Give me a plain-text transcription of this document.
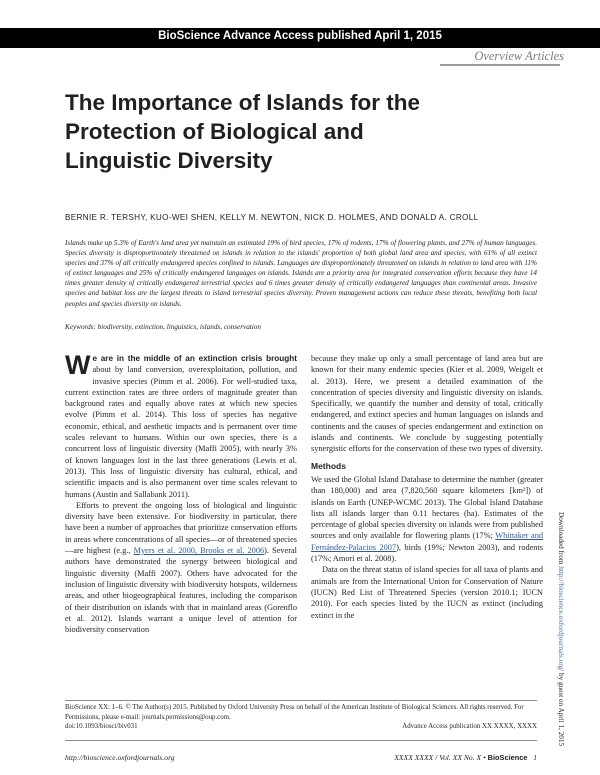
BioScience Advance Access published April 1, 2015
Overview Articles
The Importance of Islands for the Protection of Biological and Linguistic Diversity
BERNIE R. TERSHY, KUO-WEI SHEN, KELLY M. NEWTON, NICK D. HOLMES, AND DONALD A. CROLL
Islands make up 5.3% of Earth's land area yet maintain an estimated 19% of bird species, 17% of rodents, 17% of flowering plants, and 27% of human languages. Species diversity is disproportionately threatened on islands in relation to the islands' proportion of both global land area and species, with 61% of all extinct species and 37% of all critically endangered species confined to islands. Languages are disproportionately threatened on islands in relation to land area with 11% of extinct languages and 25% of critically endangered languages on islands. Islands are a priority area for integrated conservation efforts because they have 14 times greater density of critically endangered terrestrial species and 6 times greater density of critically endangered languages than continental areas. Invasive species and habitat loss are the largest threats to island terrestrial species diversity. Proven management actions can reduce these threats, benefiting both local peoples and species diversity on islands.
Keywords: biodiversity, extinction, linguistics, islands, conservation
Downloaded from http://bioscience.oxfordjournals.org/ by guest on April 1, 2015

We are in the middle of an extinction crisis brought about by land conversion, overexploitation, pollution, and invasive species (Pimm et al. 2006). For well-studied taxa, current extinction rates are three orders of magnitude greater than background rates and equally above rates at which new species evolve (Pimm et al. 2014). This loss of species has negative economic, ethical, and aesthetic impacts and is permanent over time scales relevant to humans. Within our own species, there is a concurrent loss of linguistic diversity (Maffi 2005), with nearly 3% of known languages lost in the last three generations (Lewis et al. 2013). This loss of linguistic diversity has cultural, ethical, and scientific impacts and is also permanent over time scales relevant to humans (Austin and Sallabank 2011).

Efforts to prevent the ongoing loss of biological and linguistic diversity have been extensive. For biodiversity in particular, there have been a number of approaches that prioritize conservation efforts in areas where concentrations of all species—or of threatened species—are highest (e.g., Myers et al. 2000, Brooks et al. 2006). Several authors have demonstrated the synergy between biological and linguistic diversity (Maffi 2007). Others have advocated for the inclusion of linguistic diversity with biodiversity hotspots, wilderness areas, and other biogeographical features, including the comparison of their distribution on islands with that in mainland areas (Gorenflo et al. 2012). Islands warrant a unique level of attention for biodiversity conservation

because they make up only a small percentage of land area but are known for their many endemic species (Kier et al. 2009, Weigelt et al. 2013). Here, we present a detailed examination of the concentration of species diversity and linguistic diversity on islands. Specifically, we quantify the number and density of total, critically endangered, and extinct species and human languages on islands and continents and the causes of species endangerment and extinction on islands and continents. We conclude by suggesting potentially synergistic efforts for the conservation of these two types of diversity.

Methods

We used the Global Island Database to determine the number (greater than 180,000) and area (7,820,560 square kilometers [km²]) of islands on Earth (UNEP-WCMC 2013). The Global Island Database lists all islands larger than 0.11 hectares (ha). Estimates of the percentage of global species diversity on islands were from published sources and only available for flowering plants (17%; Whittaker and Fernández-Palacios 2007), birds (19%; Newton 2003), and rodents (17%; Amori et al. 2008).

Data on the threat status of island species for all taxa of plants and animals are from the International Union for Conservation of Nature (IUCN) Red List of Threatened Species (version 2010.1; IUCN 2010). For each species listed by the IUCN as extinct (including extinct in the

BioScience XX: 1–6. © The Author(s) 2015. Published by Oxford University Press on behalf of the American Institute of Biological Sciences. All rights reserved. For Permissions, please e-mail: journals.permissions@oup.com.
doi:10.1093/biosci/biv031	Advance Access publication XX XXXX, XXXX
http://bioscience.oxfordjournals.org	XXXX XXXX / Vol. XX No. X • BioScience 1
